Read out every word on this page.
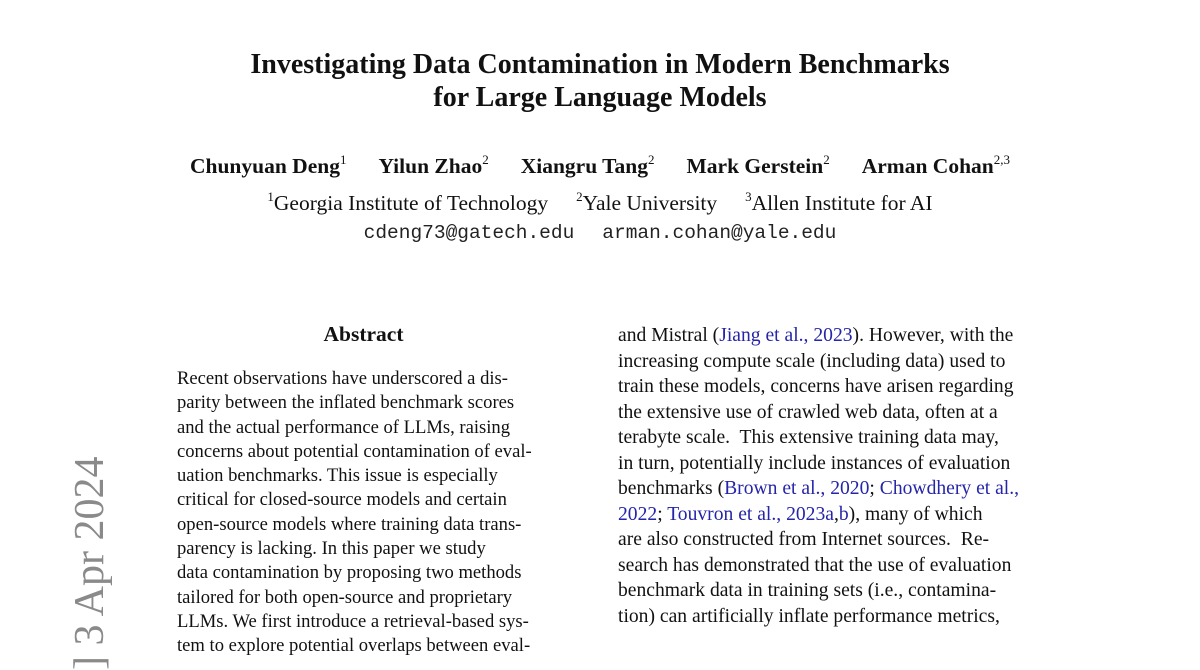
] 3 Apr 2024
Investigating Data Contamination in Modern Benchmarks
for Large Language Models
Chunyuan Deng$^1$ Yilun Zhao$^2$ Xiangru Tang$^2$ Mark Gerstein$^2$ Arman Cohan$^{2,3}$
$^1$Georgia Institute of Technology $^2$Yale University $^3$Allen Institute for AI
cdeng73@gatech.edu arman.cohan@yale.edu
Abstract
Recent observations have underscored a dis-
parity between the inflated benchmark scores
and the actual performance of LLMs, raising
concerns about potential contamination of eval-
uation benchmarks. This issue is especially
critical for closed-source models and certain
open-source models where training data trans-
parency is lacking. In this paper we study
data contamination by proposing two methods
tailored for both open-source and proprietary
LLMs. We first introduce a retrieval-based sys-
tem to explore potential overlaps between eval-
and Mistral (Jiang et al., 2023). However, with the
increasing compute scale (including data) used to
train these models, concerns have arisen regarding
the extensive use of crawled web data, often at a
terabyte scale.  This extensive training data may,
in turn, potentially include instances of evaluation
benchmarks (Brown et al., 2020; Chowdhery et al.,
2022; Touvron et al., 2023a,b), many of which
are also constructed from Internet sources.  Re-
search has demonstrated that the use of evaluation
benchmark data in training sets (i.e., contamina-
tion) can artificially inflate performance metrics,
